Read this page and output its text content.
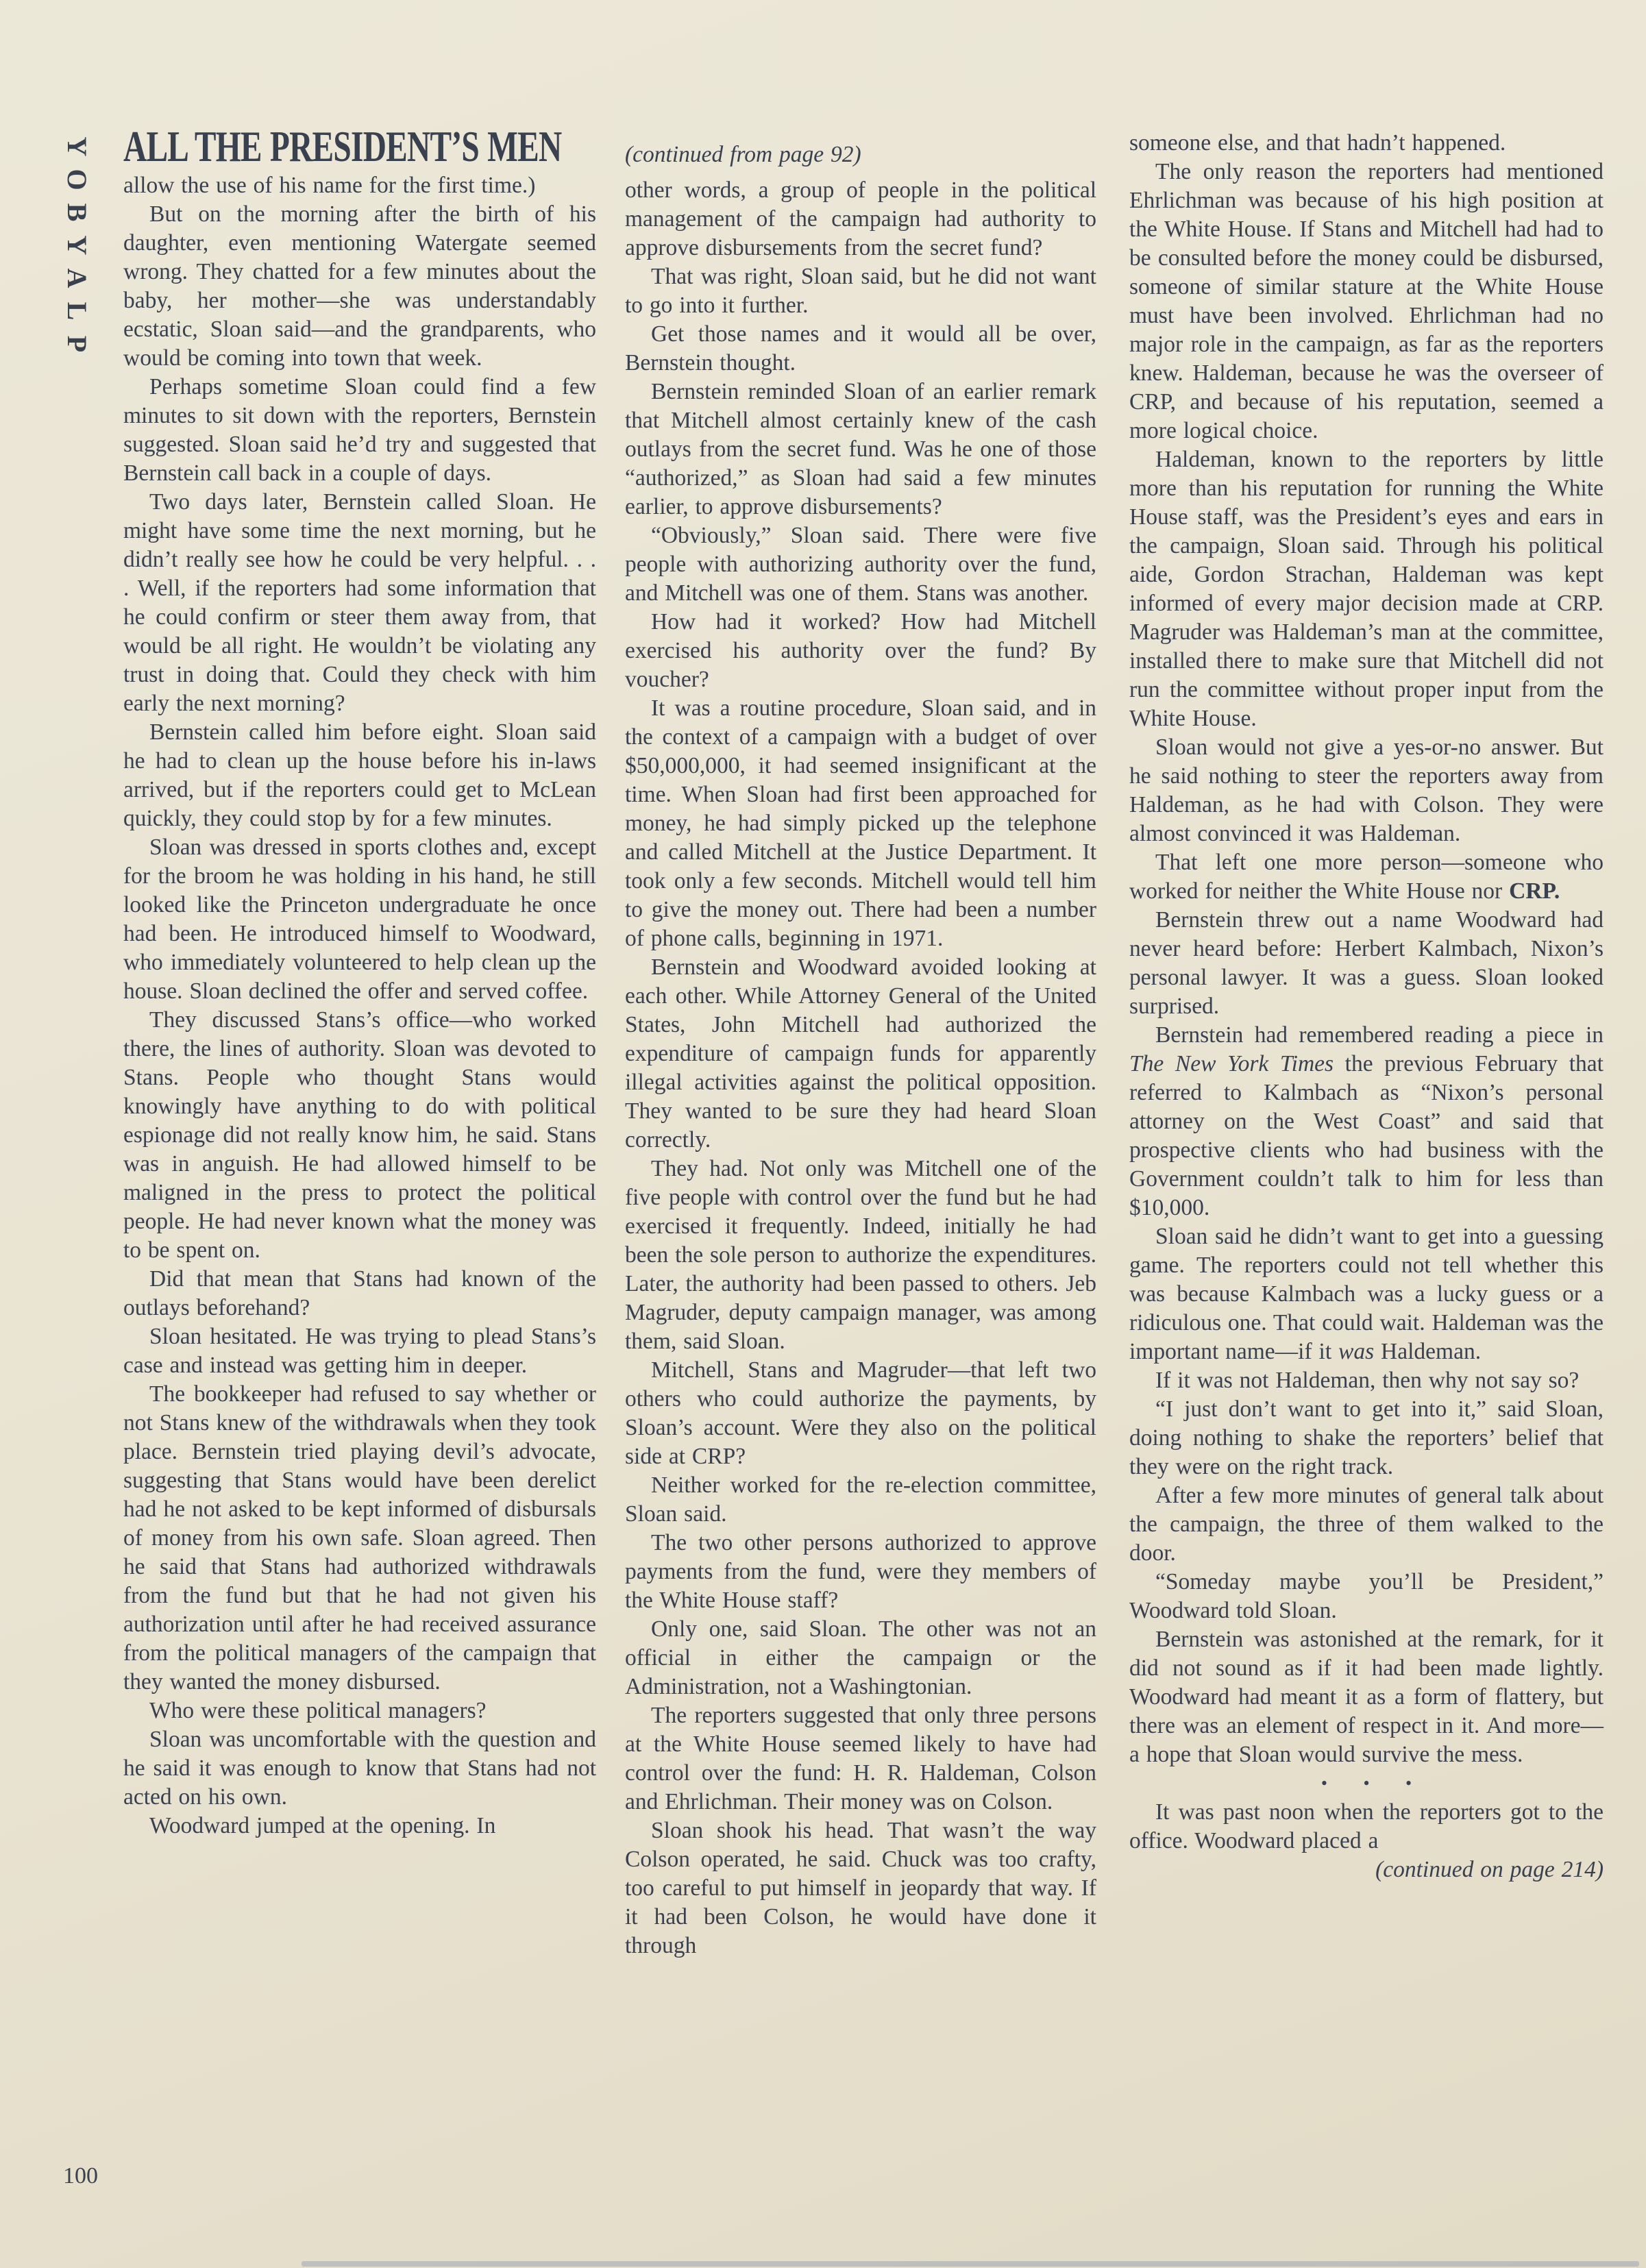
P
L
A
Y
B
O
Y ALL THE PRESIDENT’S MEN

allow the use of his name for the first time.)

But on the morning after the birth of his daughter, even mentioning Watergate seemed wrong. They chatted for a few minutes about the baby, her mother—she was understandably ecstatic, Sloan said—and the grandparents, who would be coming into town that week.

Perhaps sometime Sloan could find a few minutes to sit down with the reporters, Bernstein suggested. Sloan said he’d try and suggested that Bernstein call back in a couple of days.

Two days later, Bernstein called Sloan. He might have some time the next morning, but he didn’t really see how he could be very helpful. . . . Well, if the reporters had some information that he could confirm or steer them away from, that would be all right. He wouldn’t be violating any trust in doing that. Could they check with him early the next morning?

Bernstein called him before eight. Sloan said he had to clean up the house before his in-laws arrived, but if the reporters could get to McLean quickly, they could stop by for a few minutes.

Sloan was dressed in sports clothes and, except for the broom he was holding in his hand, he still looked like the Princeton undergraduate he once had been. He introduced himself to Woodward, who immediately volunteered to help clean up the house. Sloan declined the offer and served coffee.

They discussed Stans’s office—who worked there, the lines of authority. Sloan was devoted to Stans. People who thought Stans would knowingly have anything to do with political espionage did not really know him, he said. Stans was in anguish. He had allowed himself to be maligned in the press to protect the political people. He had never known what the money was to be spent on.

Did that mean that Stans had known of the outlays beforehand?

Sloan hesitated. He was trying to plead Stans’s case and instead was getting him in deeper.

The bookkeeper had refused to say whether or not Stans knew of the withdrawals when they took place. Bernstein tried playing devil’s advocate, suggesting that Stans would have been derelict had he not asked to be kept informed of disbursals of money from his own safe. Sloan agreed. Then he said that Stans had authorized withdrawals from the fund but that he had not given his authorization until after he had received assurance from the political managers of the campaign that they wanted the money disbursed.

Who were these political managers?

Sloan was uncomfortable with the question and he said it was enough to know that Stans had not acted on his own.

Woodward jumped at the opening. In

(continued from page 92)

other words, a group of people in the political management of the campaign had authority to approve disbursements from the secret fund?

That was right, Sloan said, but he did not want to go into it further.

Get those names and it would all be over, Bernstein thought.

Bernstein reminded Sloan of an earlier remark that Mitchell almost certainly knew of the cash outlays from the secret fund. Was he one of those “authorized,” as Sloan had said a few minutes earlier, to approve disbursements?

“Obviously,” Sloan said. There were five people with authorizing authority over the fund, and Mitchell was one of them. Stans was another.

How had it worked? How had Mitchell exercised his authority over the fund? By voucher?

It was a routine procedure, Sloan said, and in the context of a campaign with a budget of over $50,000,000, it had seemed insignificant at the time. When Sloan had first been approached for money, he had simply picked up the telephone and called Mitchell at the Justice Department. It took only a few seconds. Mitchell would tell him to give the money out. There had been a number of phone calls, beginning in 1971.

Bernstein and Woodward avoided looking at each other. While Attorney General of the United States, John Mitchell had authorized the expenditure of campaign funds for apparently illegal activities against the political opposition. They wanted to be sure they had heard Sloan correctly.

They had. Not only was Mitchell one of the five people with control over the fund but he had exercised it frequently. Indeed, initially he had been the sole person to authorize the expenditures. Later, the authority had been passed to others. Jeb Magruder, deputy campaign manager, was among them, said Sloan.

Mitchell, Stans and Magruder—that left two others who could authorize the payments, by Sloan’s account. Were they also on the political side at CRP?

Neither worked for the re-election committee, Sloan said.

The two other persons authorized to approve payments from the fund, were they members of the White House staff?

Only one, said Sloan. The other was not an official in either the campaign or the Administration, not a Washingtonian.

The reporters suggested that only three persons at the White House seemed likely to have had control over the fund: H. R. Haldeman, Colson and Ehrlichman. Their money was on Colson.

Sloan shook his head. That wasn’t the way Colson operated, he said. Chuck was too crafty, too careful to put himself in jeopardy that way. If it had been Colson, he would have done it through

someone else, and that hadn’t happened.

The only reason the reporters had mentioned Ehrlichman was because of his high position at the White House. If Stans and Mitchell had had to be consulted before the money could be disbursed, someone of similar stature at the White House must have been involved. Ehrlichman had no major role in the campaign, as far as the reporters knew. Haldeman, because he was the overseer of CRP, and because of his reputation, seemed a more logical choice.

Haldeman, known to the reporters by little more than his reputation for running the White House staff, was the President’s eyes and ears in the campaign, Sloan said. Through his political aide, Gordon Strachan, Haldeman was kept informed of every major decision made at CRP. Magruder was Haldeman’s man at the committee, installed there to make sure that Mitchell did not run the committee without proper input from the White House.

Sloan would not give a yes-or-no answer. But he said nothing to steer the reporters away from Haldeman, as he had with Colson. They were almost convinced it was Haldeman.

That left one more person—someone who worked for neither the White House nor CRP.

Bernstein threw out a name Woodward had never heard before: Herbert Kalmbach, Nixon’s personal lawyer. It was a guess. Sloan looked surprised.

Bernstein had remembered reading a piece in The New York Times the previous February that referred to Kalmbach as “Nixon’s personal attorney on the West Coast” and said that prospective clients who had business with the Government couldn’t talk to him for less than $10,000.

Sloan said he didn’t want to get into a guessing game. The reporters could not tell whether this was because Kalmbach was a lucky guess or a ridiculous one. That could wait. Haldeman was the important name—if it was Haldeman.

If it was not Haldeman, then why not say so?

“I just don’t want to get into it,” said Sloan, doing nothing to shake the reporters’ belief that they were on the right track.

After a few more minutes of general talk about the campaign, the three of them walked to the door.

“Someday maybe you’ll be President,” Woodward told Sloan.

Bernstein was astonished at the remark, for it did not sound as if it had been made lightly. Woodward had meant it as a form of flattery, but there was an element of respect in it. And more—a hope that Sloan would survive the mess.

• • •

It was past noon when the reporters got to the office. Woodward placed a

(continued on page 214)

100
